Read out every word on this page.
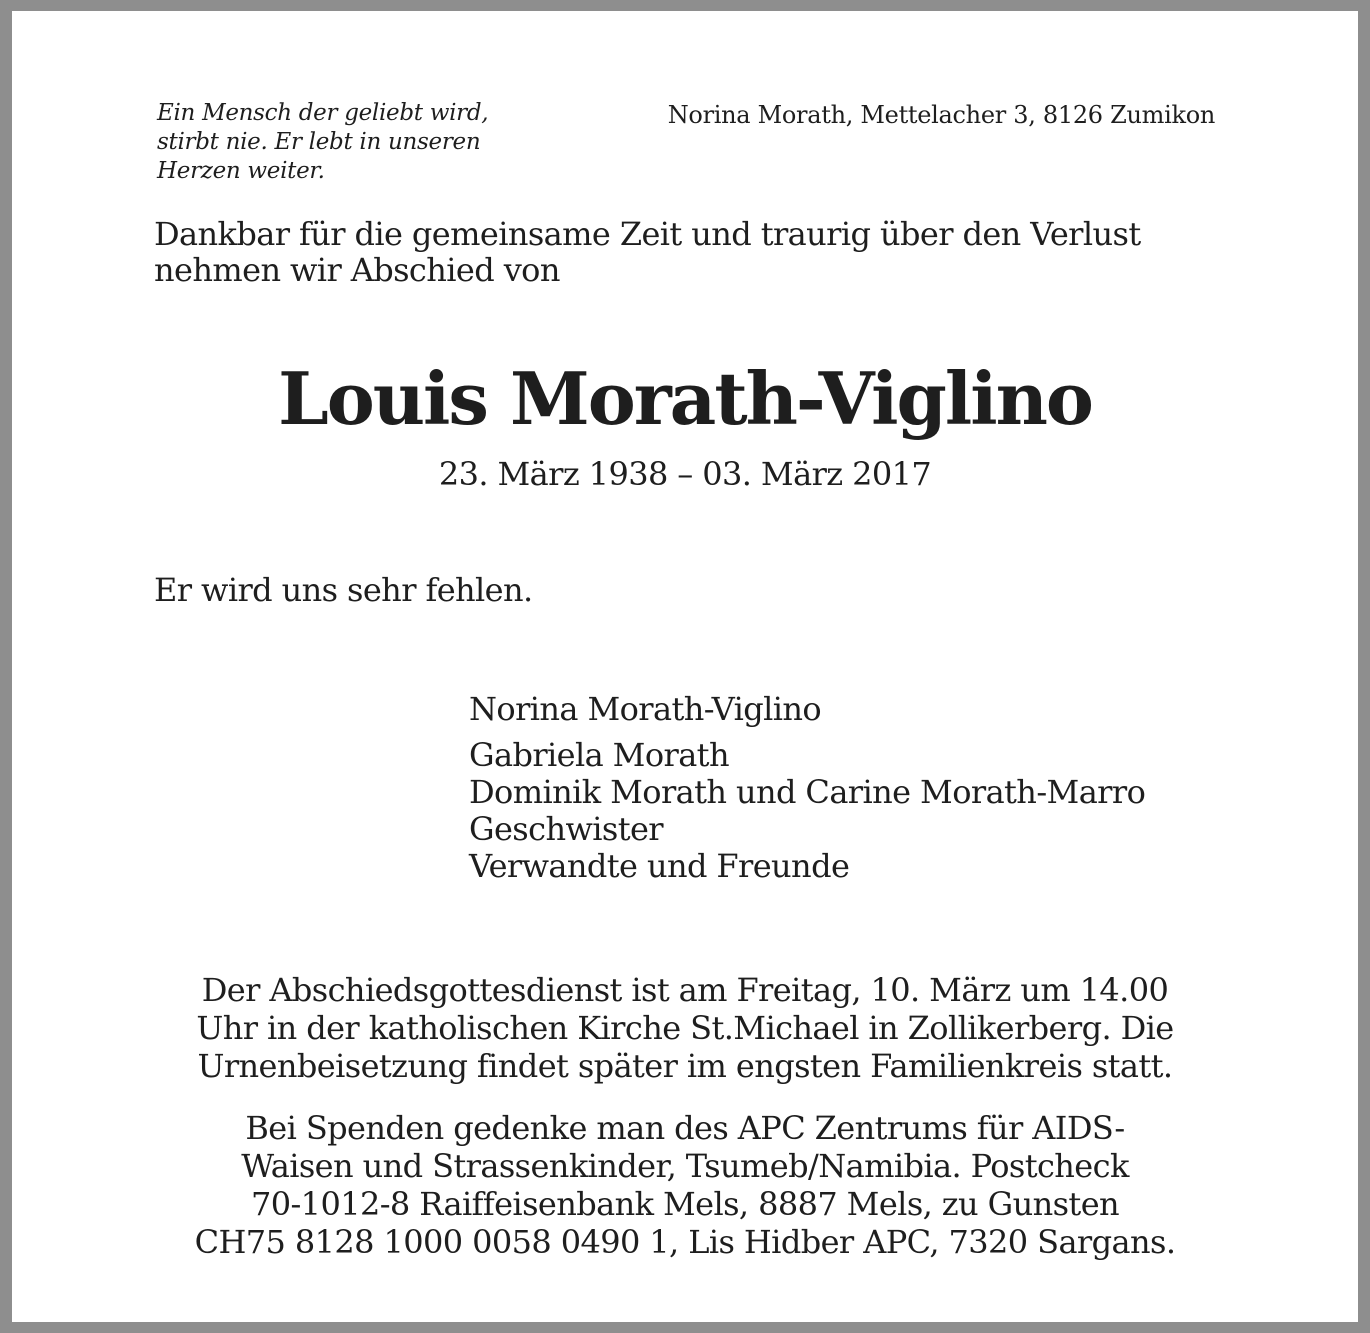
Ein Mensch der geliebt wird,
stirbt nie. Er lebt in unseren
Herzen weiter.
Norina Morath, Mettelacher 3, 8126 Zumikon
Dankbar für die gemeinsame Zeit und traurig über den Verlust
nehmen wir Abschied von
Louis Morath-Viglino
23. März 1938 – 03. März 2017
Er wird uns sehr fehlen.
Norina Morath-Viglino
Gabriela Morath
Dominik Morath und Carine Morath-Marro
Geschwister
Verwandte und Freunde
Der Abschiedsgottesdienst ist am Freitag, 10. März um 14.00
Uhr in der katholischen Kirche St.Michael in Zollikerberg. Die
Urnenbeisetzung findet später im engsten Familienkreis statt.
Bei Spenden gedenke man des APC Zentrums für AIDS-
Waisen und Strassenkinder, Tsumeb/Namibia. Postcheck
70-1012-8 Raiffeisenbank Mels, 8887 Mels, zu Gunsten
CH75 8128 1000 0058 0490 1, Lis Hidber APC, 7320 Sargans.
